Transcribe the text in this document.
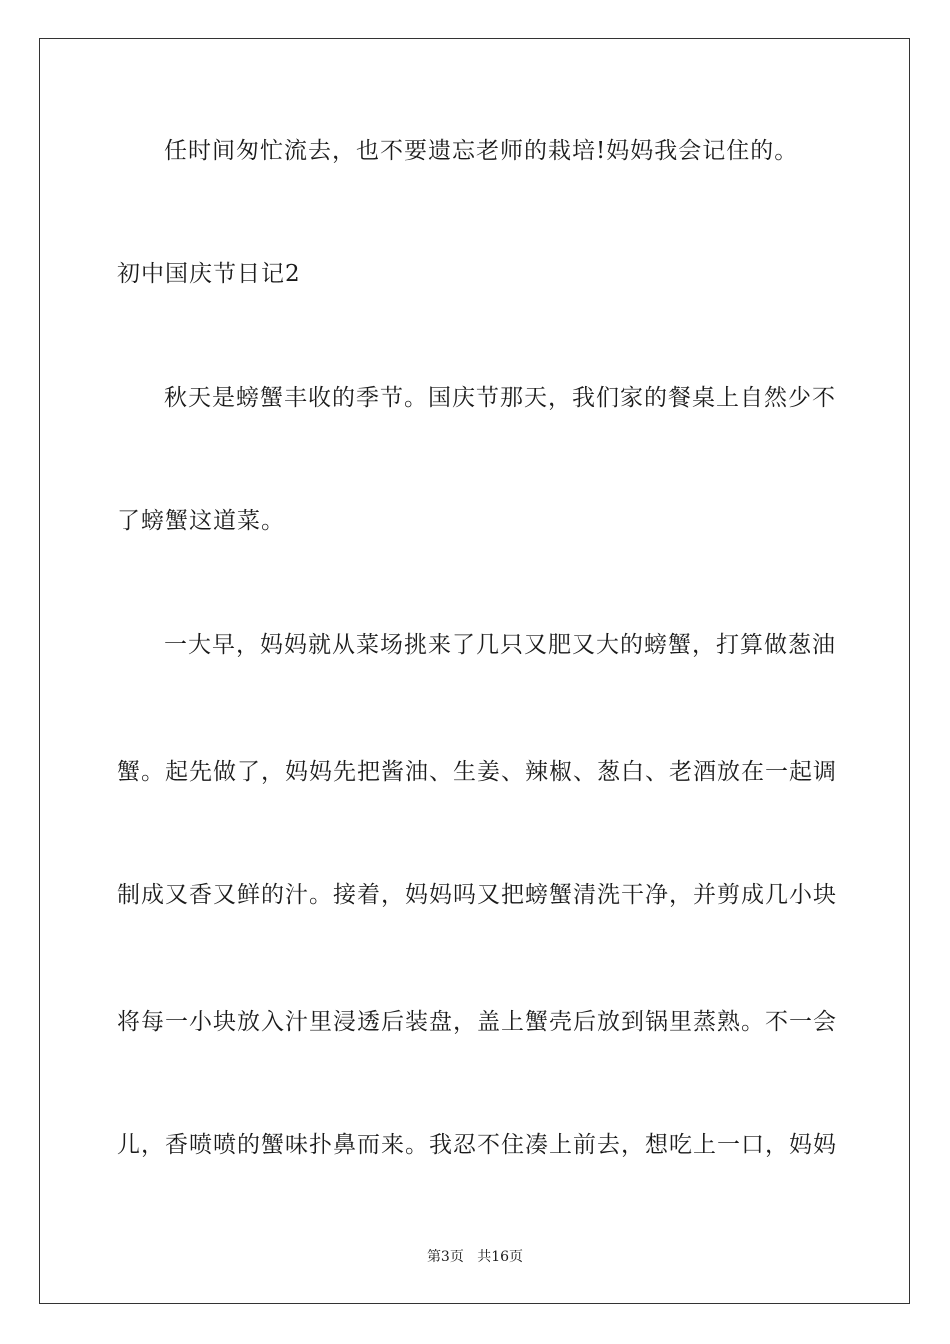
任时间匆忙流去，也不要遗忘老师的栽培!妈妈我会记住的。
初中国庆节日记2
秋天是螃蟹丰收的季节。国庆节那天，我们家的餐桌上自然少不
了螃蟹这道菜。
一大早，妈妈就从菜场挑来了几只又肥又大的螃蟹，打算做葱油
蟹。起先做了，妈妈先把酱油、生姜、辣椒、葱白、老酒放在一起调
制成又香又鲜的汁。接着，妈妈吗又把螃蟹清洗干净，并剪成几小块
将每一小块放入汁里浸透后装盘，盖上蟹壳后放到锅里蒸熟。不一会
儿，香喷喷的蟹味扑鼻而来。我忍不住凑上前去，想吃上一口，妈妈
第3页 共16页
